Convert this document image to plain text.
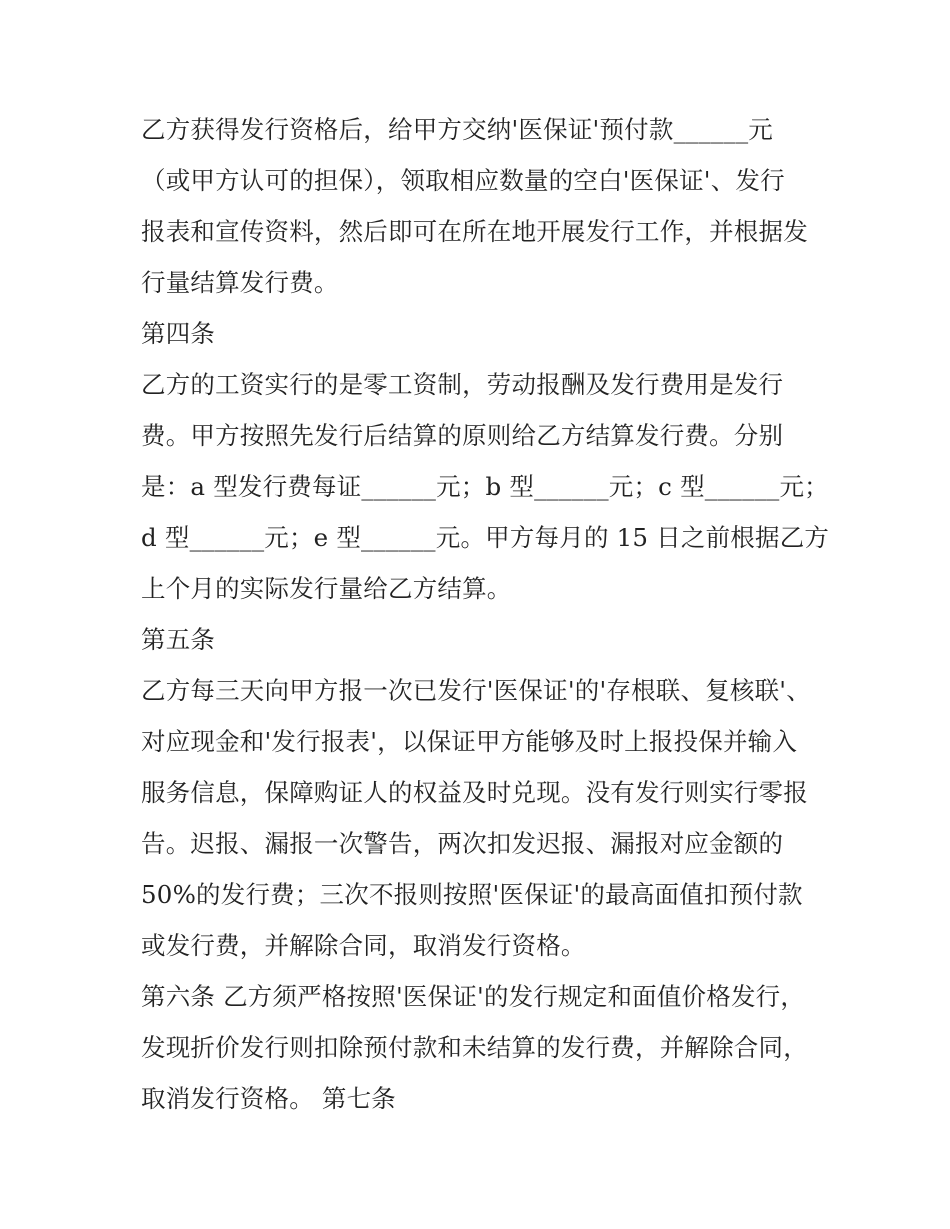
乙方获得发行资格后，给甲方交纳'医保证'预付款______元
（或甲方认可的担保），领取相应数量的空白'医保证'、发行
报表和宣传资料，然后即可在所在地开展发行工作，并根据发
行量结算发行费。
第四条
乙方的工资实行的是零工资制，劳动报酬及发行费用是发行
费。甲方按照先发行后结算的原则给乙方结算发行费。分别
是：a 型发行费每证______元；b 型______元；c 型______元；
d 型______元；e 型______元。甲方每月的 15 日之前根据乙方
上个月的实际发行量给乙方结算。
第五条
乙方每三天向甲方报一次已发行'医保证'的'存根联、复核联'、
对应现金和'发行报表'，以保证甲方能够及时上报投保并输入
服务信息，保障购证人的权益及时兑现。没有发行则实行零报
告。迟报、漏报一次警告，两次扣发迟报、漏报对应金额的
50%的发行费；三次不报则按照'医保证'的最高面值扣预付款
或发行费，并解除合同，取消发行资格。
第六条 乙方须严格按照'医保证'的发行规定和面值价格发行，
发现折价发行则扣除预付款和未结算的发行费，并解除合同，
取消发行资格。 第七条
